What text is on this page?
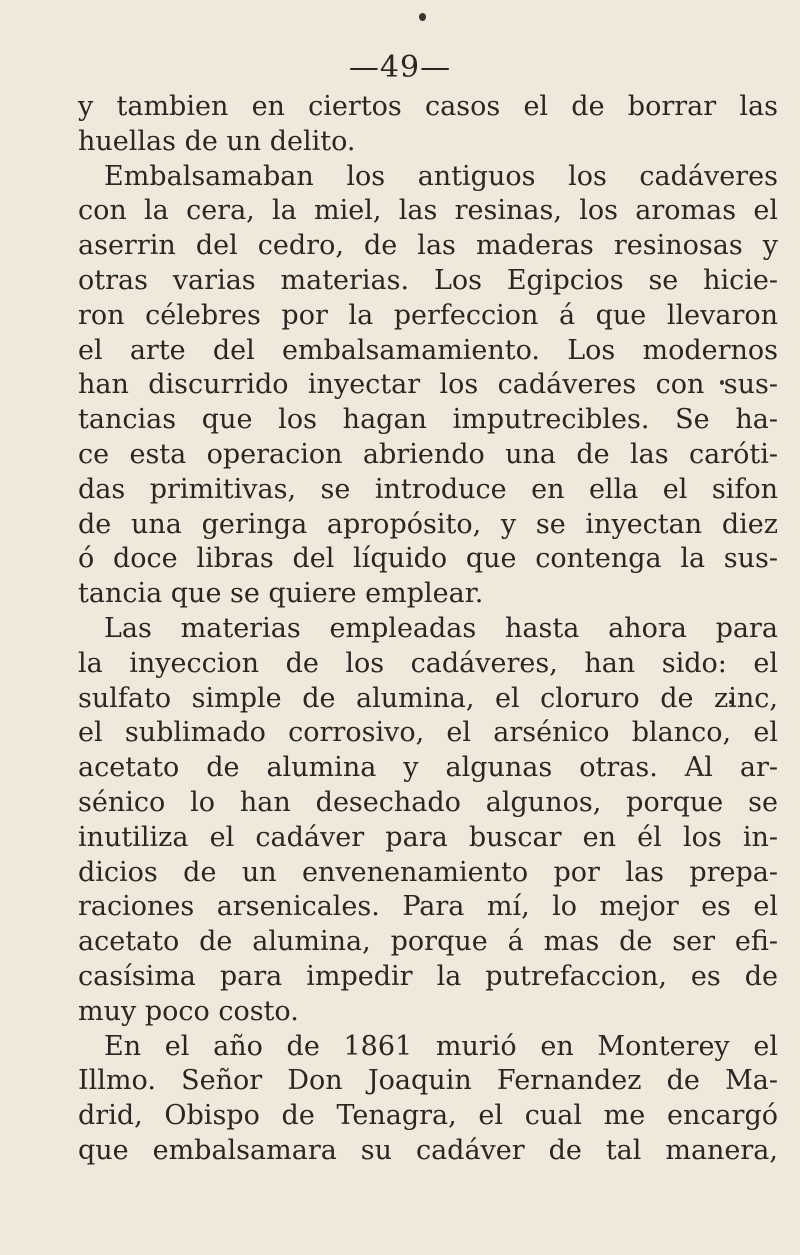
—49—
y tambien en ciertos casos el de borrar las
huellas de un delito.
Embalsamaban los antiguos los cadáveres
con la cera, la miel, las resinas, los aromas el
aserrin del cedro, de las maderas resinosas y
otras varias materias. Los Egipcios se hicie-
ron célebres por la perfeccion á que llevaron
el arte del embalsamamiento. Los modernos
han discurrido inyectar los cadáveres con sus-
tancias que los hagan imputrecibles. Se ha-
ce esta operacion abriendo una de las caróti-
das primitivas, se introduce en ella el sifon
de una geringa apropósito, y se inyectan diez
ó doce libras del líquido que contenga la sus-
tancia que se quiere emplear.
Las materias empleadas hasta ahora para
la inyeccion de los cadáveres, han sido: el
sulfato simple de alumina, el cloruro de zinc,
el sublimado corrosivo, el arsénico blanco, el
acetato de alumina y algunas otras. Al ar-
sénico lo han desechado algunos, porque se
inutiliza el cadáver para buscar en él los in-
dicios de un envenenamiento por las prepa-
raciones arsenicales. Para mí, lo mejor es el
acetato de alumina, porque á mas de ser efi-
casísima para impedir la putrefaccion, es de
muy poco costo.
En el año de 1861 murió en Monterey el
Illmo. Señor Don Joaquin Fernandez de Ma-
drid, Obispo de Tenagra, el cual me encargó
que embalsamara su cadáver de tal manera,
